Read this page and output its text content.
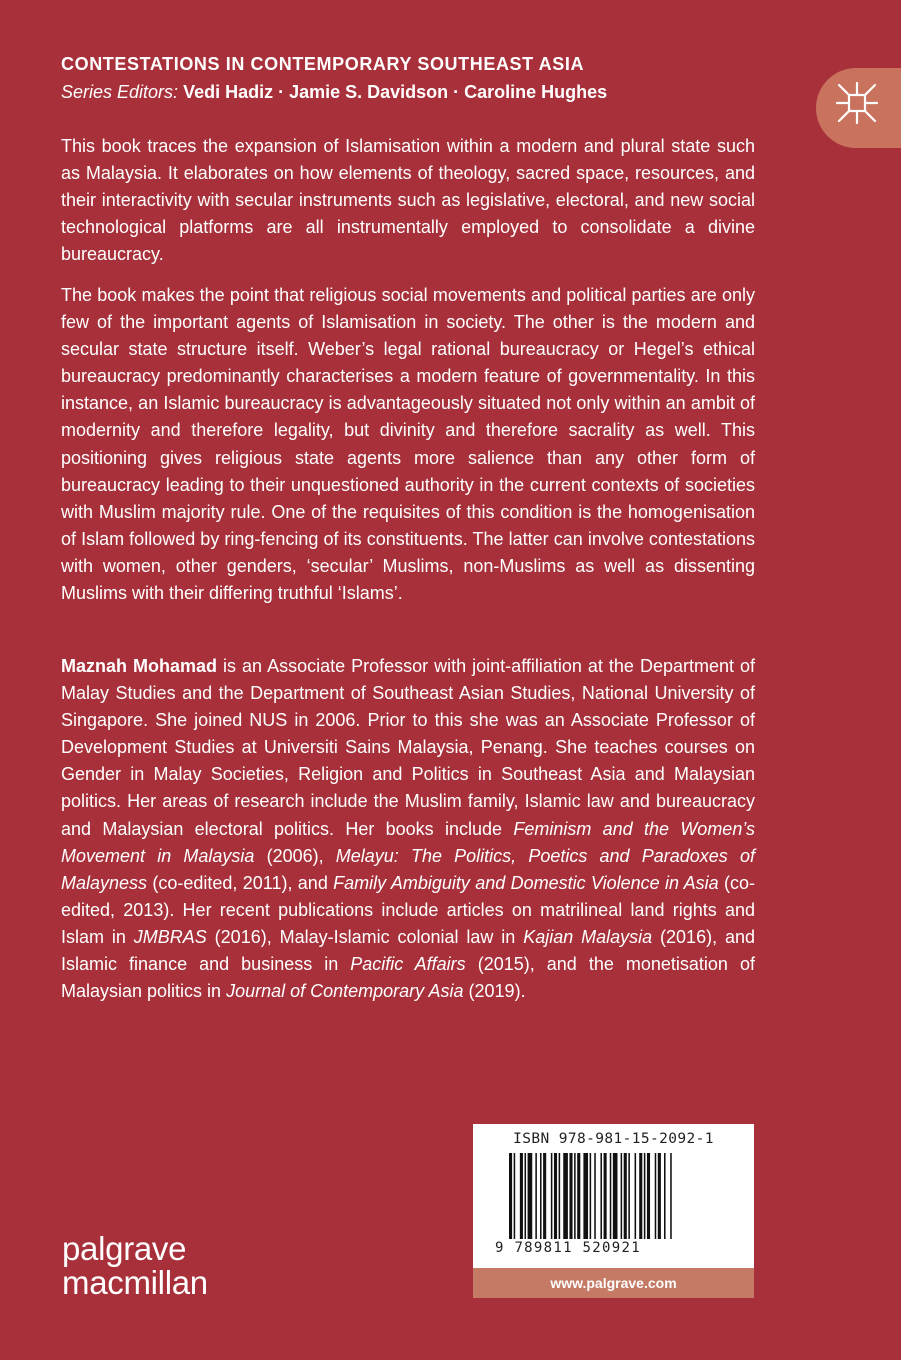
CONTESTATIONS IN CONTEMPORARY SOUTHEAST ASIA
Series Editors: Vedi Hadiz · Jamie S. Davidson · Caroline Hughes

This book traces the expansion of Islamisation within a modern and plural state such as Malaysia. It elaborates on how elements of theology, sacred space, resources, and their interactivity with secular instruments such as legislative, electoral, and new social technological platforms are all instrumentally employed to consolidate a divine bureaucracy.

The book makes the point that religious social movements and political parties are only few of the important agents of Islamisation in society. The other is the modern and secular state structure itself. Weber’s legal rational bureaucracy or Hegel’s ethical bureaucracy predominantly characterises a modern feature of governmentality. In this instance, an Islamic bureaucracy is advantageously situated not only within an ambit of modernity and therefore legality, but divinity and therefore sacrality as well. This positioning gives religious state agents more salience than any other form of bureaucracy leading to their unquestioned authority in the current contexts of societies with Muslim majority rule. One of the requisites of this condition is the homogenisation of Islam followed by ring-fencing of its constituents. The latter can involve contestations with women, other genders, ‘secular’ Muslims, non-Muslims as well as dissenting Muslims with their differing truthful ‘Islams’.

Maznah Mohamad is an Associate Professor with joint-affiliation at the Department of Malay Studies and the Department of Southeast Asian Studies, National University of Singapore. She joined NUS in 2006. Prior to this she was an Associate Professor of Development Studies at Universiti Sains Malaysia, Penang. She teaches courses on Gender in Malay Societies, Religion and Politics in Southeast Asia and Malaysian politics. Her areas of research include the Muslim family, Islamic law and bureaucracy and Malaysian electoral politics. Her books include Feminism and the Women’s Movement in Malaysia (2006), Melayu: The Politics, Poetics and Paradoxes of Malayness (co-edited, 2011), and Family Ambiguity and Domestic Violence in Asia (co-edited, 2013). Her recent publications include articles on matrilineal land rights and Islam in JMBRAS (2016), Malay-Islamic colonial law in Kajian Malaysia (2016), and Islamic finance and business in Pacific Affairs (2015), and the monetisation of Malaysian politics in Journal of Contemporary Asia (2019).

ISBN 978-981-15-2092-1
9 789811 520921
www.palgrave.com
palgrave
macmillan
